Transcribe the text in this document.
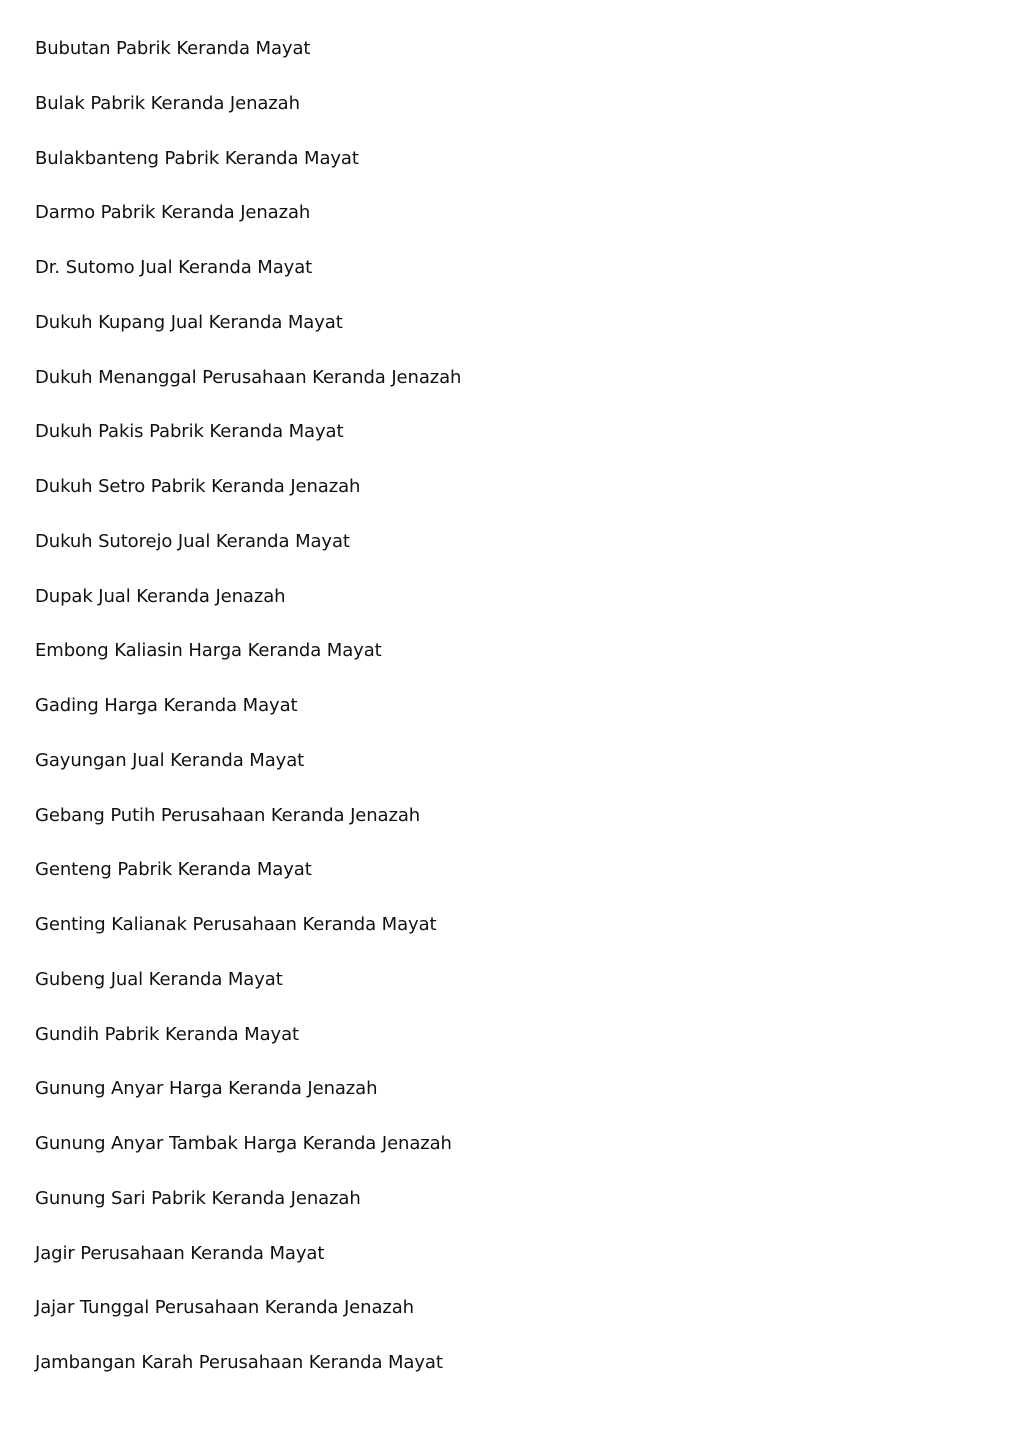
Bubutan Pabrik Keranda Mayat
Bulak Pabrik Keranda Jenazah
Bulakbanteng Pabrik Keranda Mayat
Darmo Pabrik Keranda Jenazah
Dr. Sutomo Jual Keranda Mayat
Dukuh Kupang Jual Keranda Mayat
Dukuh Menanggal Perusahaan Keranda Jenazah
Dukuh Pakis Pabrik Keranda Mayat
Dukuh Setro Pabrik Keranda Jenazah
Dukuh Sutorejo Jual Keranda Mayat
Dupak Jual Keranda Jenazah
Embong Kaliasin Harga Keranda Mayat
Gading Harga Keranda Mayat
Gayungan Jual Keranda Mayat
Gebang Putih Perusahaan Keranda Jenazah
Genteng Pabrik Keranda Mayat
Genting Kalianak Perusahaan Keranda Mayat
Gubeng Jual Keranda Mayat
Gundih Pabrik Keranda Mayat
Gunung Anyar Harga Keranda Jenazah
Gunung Anyar Tambak Harga Keranda Jenazah
Gunung Sari Pabrik Keranda Jenazah
Jagir Perusahaan Keranda Mayat
Jajar Tunggal Perusahaan Keranda Jenazah
Jambangan Karah Perusahaan Keranda Mayat
